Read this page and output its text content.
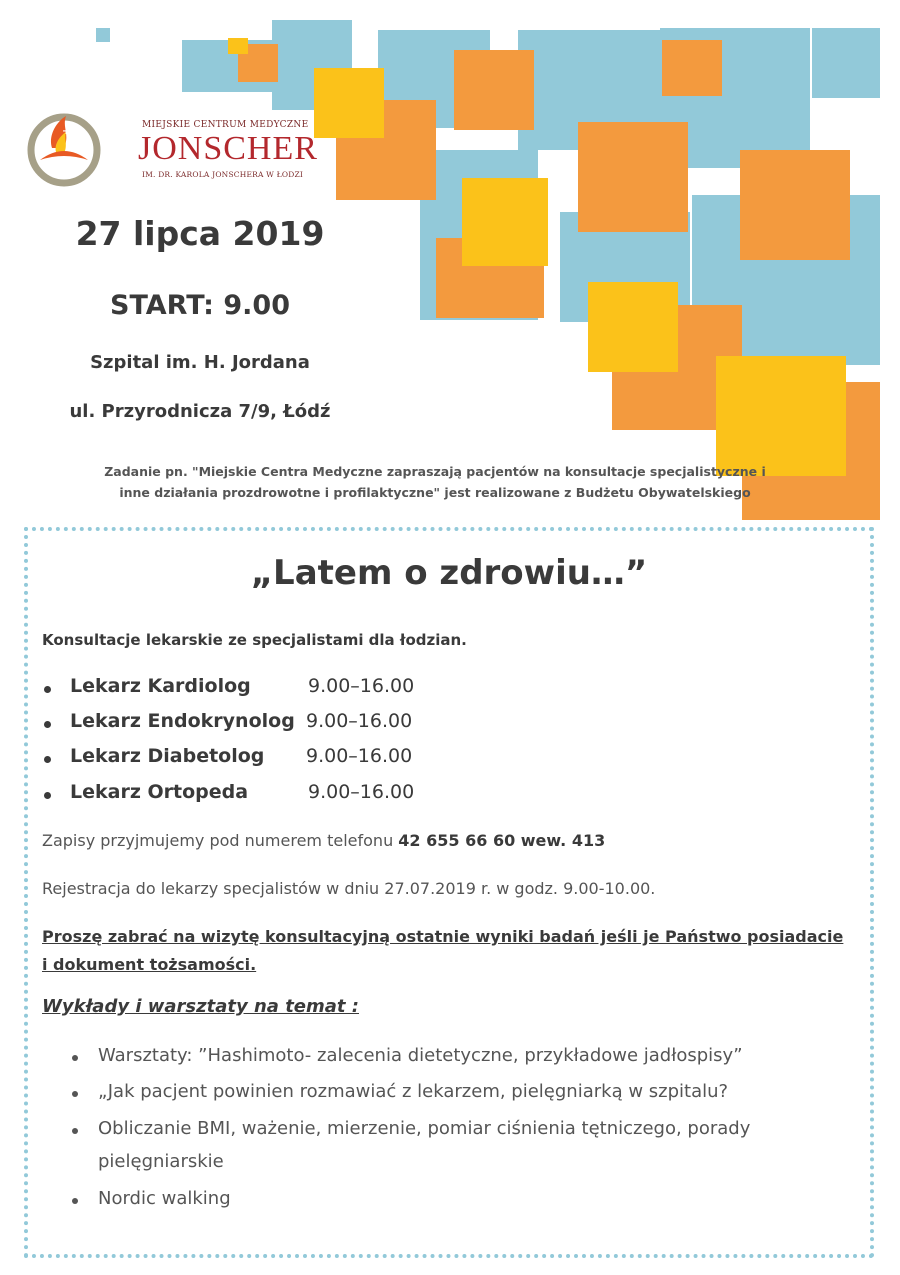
+
MIEJSKIE CENTRUM MEDYCZNE
JONSCHER
IM. DR. KAROLA JONSCHERA W ŁODZI
27 lipca 2019
START: 9.00
Szpital im. H. Jordana
ul. Przyrodnicza 7/9, Łódź
Zadanie pn. "Miejskie Centra Medyczne zapraszają pacjentów na konsultacje specjalistyczne i
inne działania prozdrowotne i profilaktyczne" jest realizowane z Budżetu Obywatelskiego
„Latem o zdrowiu…”
Konsultacje lekarskie ze specjalistami dla łodzian.
Lekarz Kardiolog	9.00–16.00
Lekarz Endokrynolog 9.00–16.00
Lekarz Diabetolog 9.00–16.00
Lekarz Ortopeda	9.00–16.00
Zapisy przyjmujemy pod numerem telefonu 42 655 66 60 wew. 413
Rejestracja do lekarzy specjalistów w dniu 27.07.2019 r. w godz. 9.00-10.00.
Proszę zabrać na wizytę konsultacyjną ostatnie wyniki badań jeśli je Państwo posiadacie
i dokument tożsamości.
Wykłady i warsztaty na temat :
Warsztaty: ”Hashimoto- zalecenia dietetyczne, przykładowe jadłospisy”
„Jak pacjent powinien rozmawiać z lekarzem, pielęgniarką w szpitalu?
Obliczanie BMI, ważenie, mierzenie, pomiar ciśnienia tętniczego, porady
pielęgniarskie
Nordic walking
